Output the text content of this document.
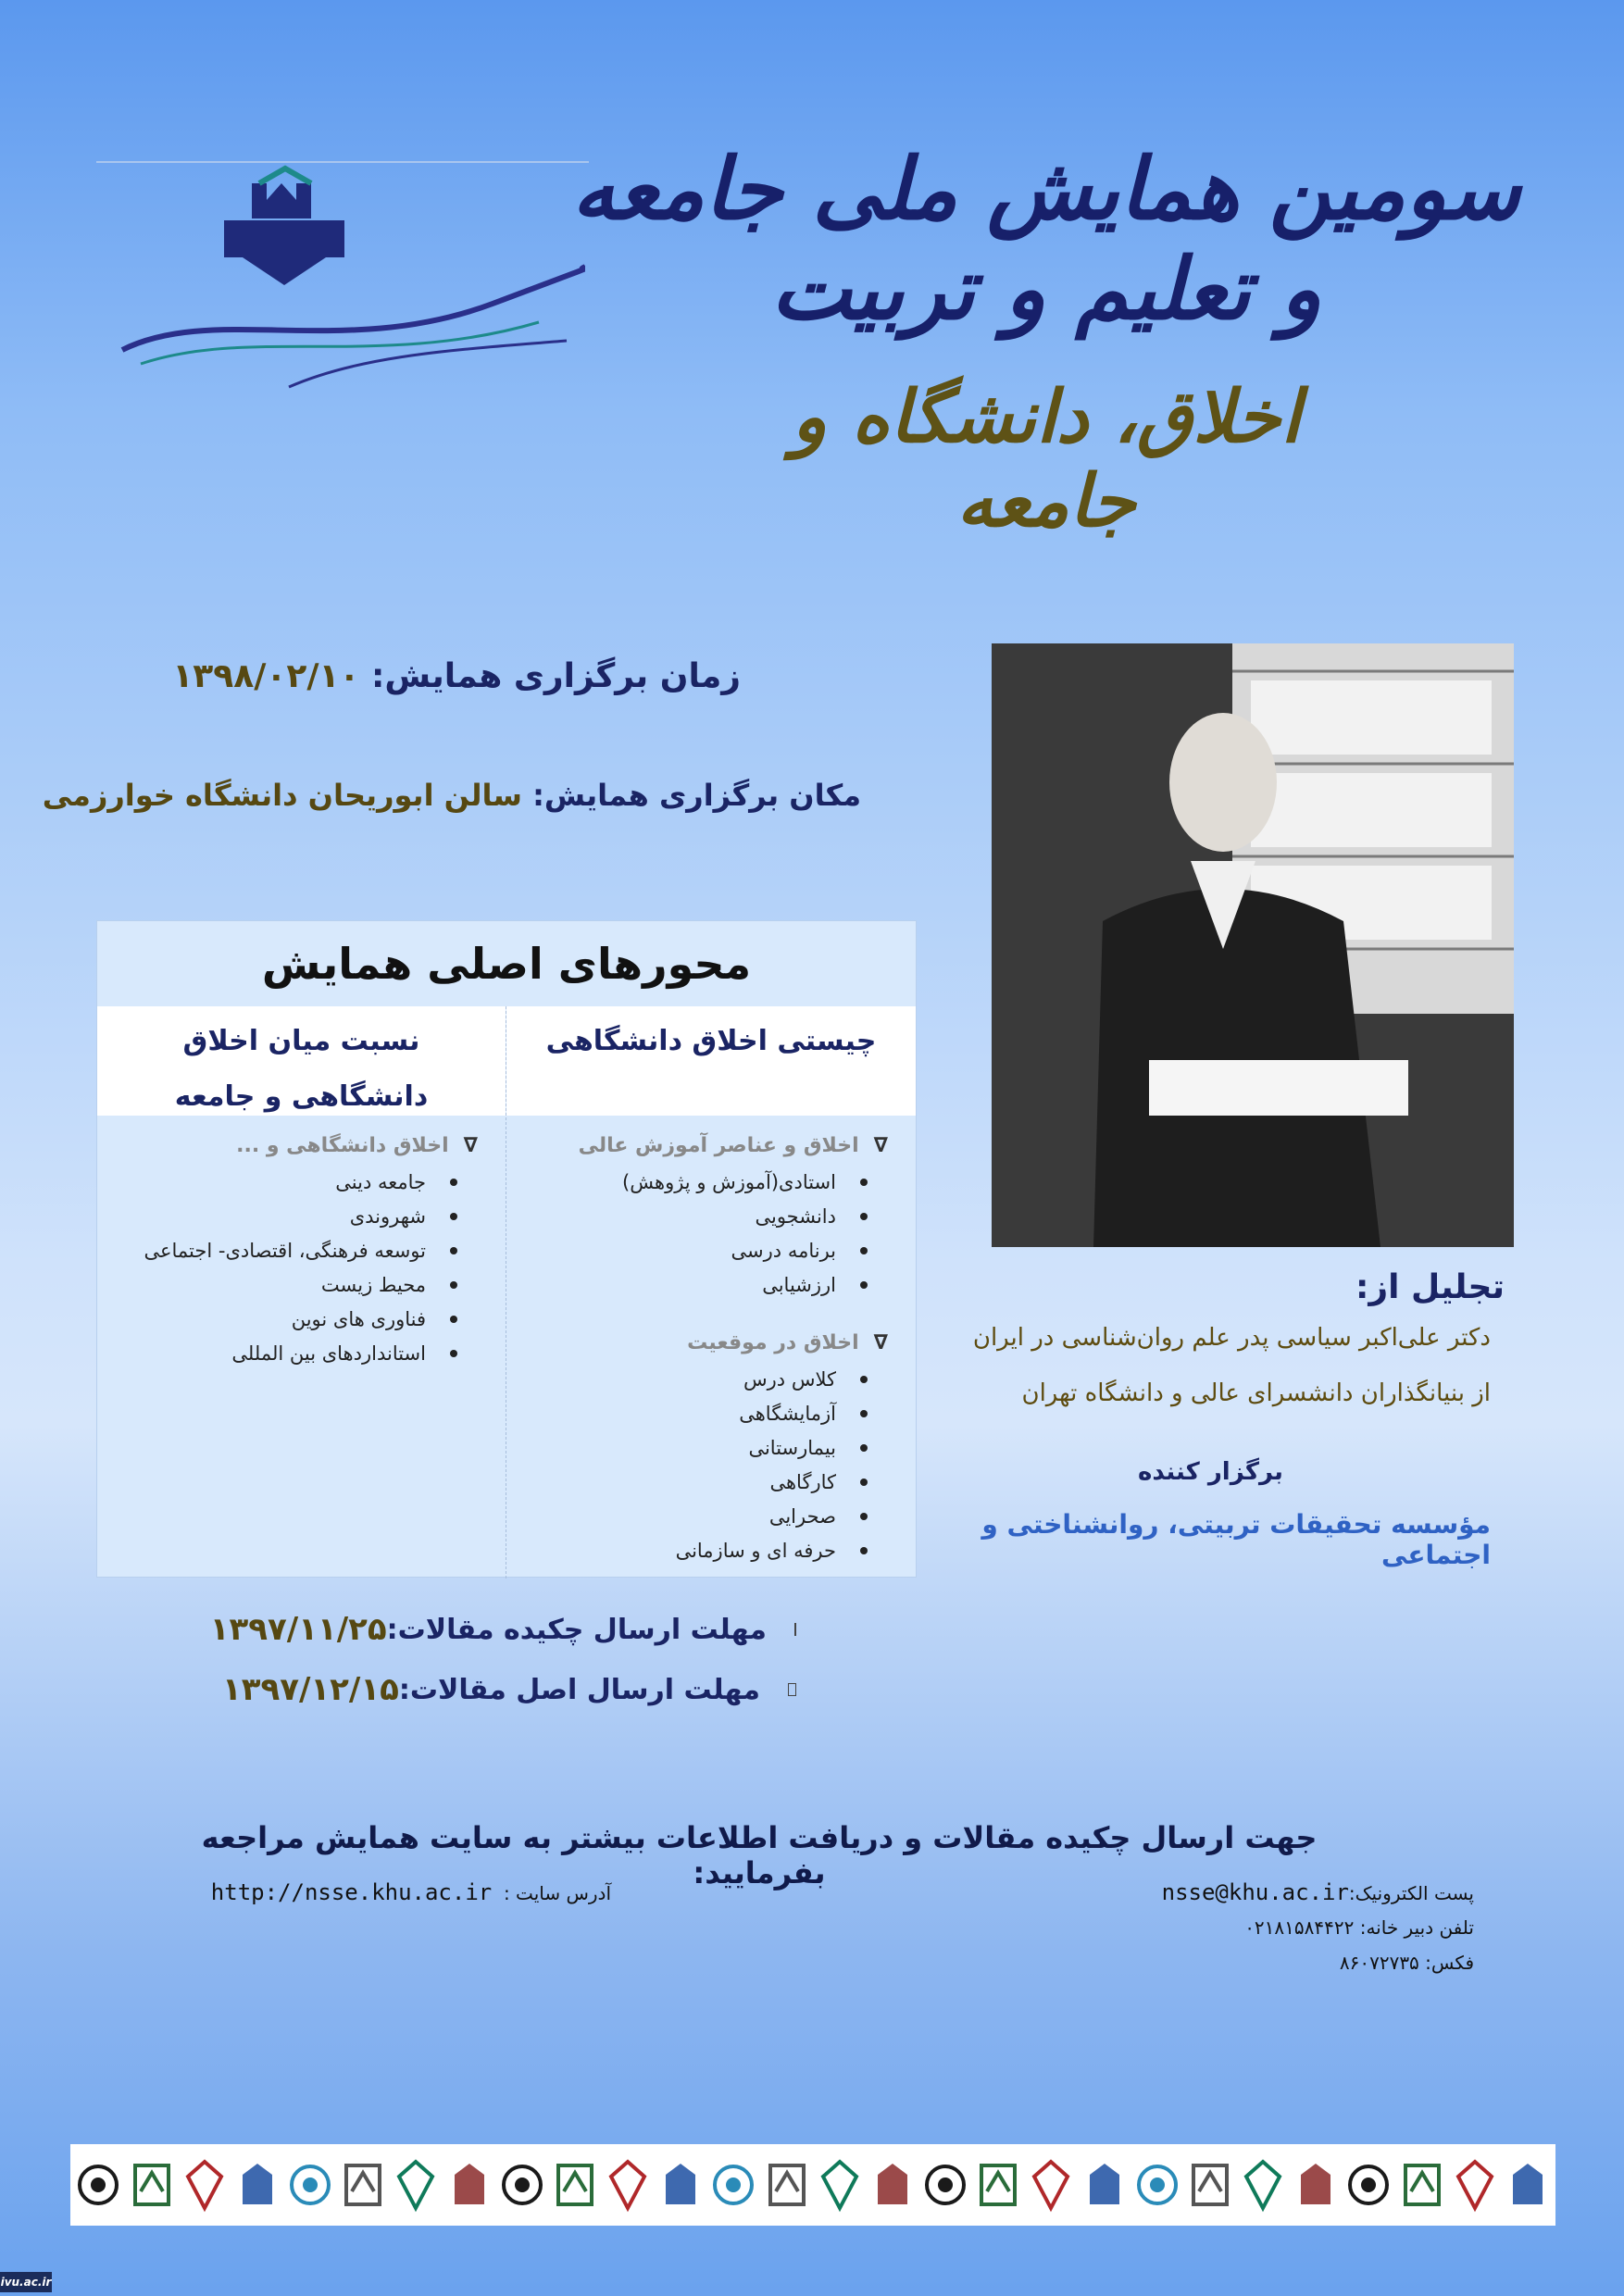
سومین همایش ملی جامعه و تعلیم و تربیت
اخلاق، دانشگاه و جامعه
زمان برگزاری همایش: ۱۳۹۸/۰۲/۱۰
مکان برگزاری همایش: سالن ابوریحان دانشگاه خوارزمی
تجلیل از:
دکتر علی‌اکبر سیاسی پدر علم روان‌شناسی در ایران
از بنیانگذاران دانشسرای عالی و دانشگاه تهران
برگزار کننده
مؤسسه تحقیقات تربیتی، روانشناختی و اجتماعی
محورهای اصلی همایش
چیستی اخلاق دانشگاهی
∇
اخلاق و عناصر آموزش عالی
استادی(آموزش و پژوهش)
دانشجویی
برنامه درسی
ارزشیابی
∇
اخلاق در موقعیت
کلاس درس
آزمایشگاهی
بیمارستانی
کارگاهی
صحرایی
حرفه ای و سازمانی
نسبت میان اخلاق دانشگاهی و جامعه
∇
اخلاق دانشگاهی و ...
جامعه دینی
شهروندی
توسعه فرهنگی، اقتصادی- اجتماعی
محیط زیست
فناوری های نوین
استانداردهای بین المللی
مهلت ارسال چکیده مقالات:
۱۳۹۷/۱۱/۲۵
مهلت ارسال اصل مقالات:
۱۳۹۷/۱۲/۱۵
جهت ارسال چکیده مقالات و دریافت اطلاعات بیشتر به سایت همایش مراجعه بفرمایید:
پست الکترونیک:nsse@khu.ac.ir
تلفن دبیر خانه: ۰۲۱۸۱۵۸۴۴۲۲
فکس: ۸۶۰۷۲۷۳۵
آدرس سایت :  http://nsse.khu.ac.ir
ivu.ac.ir
